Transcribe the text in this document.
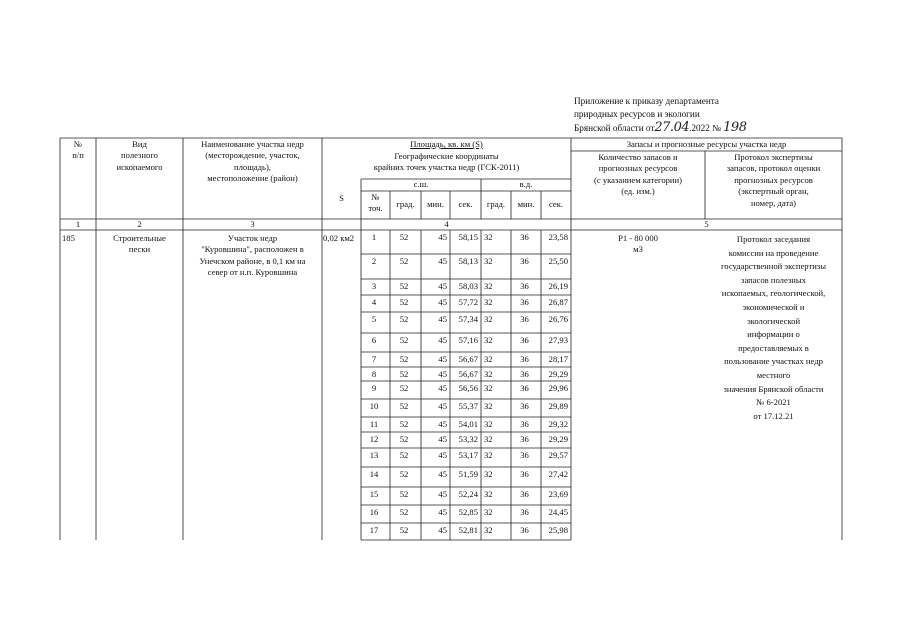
Приложение к приказу департамента
природных ресурсов и экологии
Брянской области от27.04.2022 № 198
№
п/п
Вид
полезного
ископаемого
Наименование участка недр
(месторождение, участок,
площадь),
местоположение (район)
Площадь, кв. км (S)
Географические координаты
крайних точек участка недр (ГСК-2011)
S	№
точ.
с.ш.	в.д.
град.	мин.	сек.	град.	мин.	сек.
Запасы и прогнозные ресурсы участка недр
Количество запасов и
прогнозных ресурсов
(с указанием категории)
(ед. изм.)
Протокол экспертизы
запасов, протокол оценки
прогнозных ресурсов
(экспертный орган,
номер, дата)
1	2	3	4	5
185	Строительные
пески
Участок недр
"Куровшина", расположен в
Унечском районе, в 0,1 км на
север от н.п. Куровшина
0,02 км2	P1 - 80 000
м3
Протокол заседания
комиссии на проведение
государственной экспертизы
запасов полезных
ископаемых, геологической,
экономической и
экологической
информации о
предоставляемых в
пользование участках недр
местного
значения Брянской области
№ 6-2021
от 17.12.21
1	52	45	58,15 32	36	23,58
2	52	45	58,13 32	36	25,50
3	52	45	58,03 32	36	26,19
4	52	45	57,72 32	36	26,87
5	52	45	57,34 32	36	26,76
6	52	45	57,16 32	36	27,93
7	52	45	56,67 32	36	28,17
8	52	45	56,67 32	36	29,29
9	52	45	56,56 32	36	29,96
10	52	45	55,37 32	36	29,89
11	52	45	54,01 32	36	29,32
12	52	45	53,32 32	36	29,29
13	52	45	53,17 32	36	29,57
14	52	45	51,59 32	36	27,42
15	52	45	52,24 32	36	23,69
16	52	45	52,85 32	36	24,45
17	52	45	52,81 32	36	25,98
